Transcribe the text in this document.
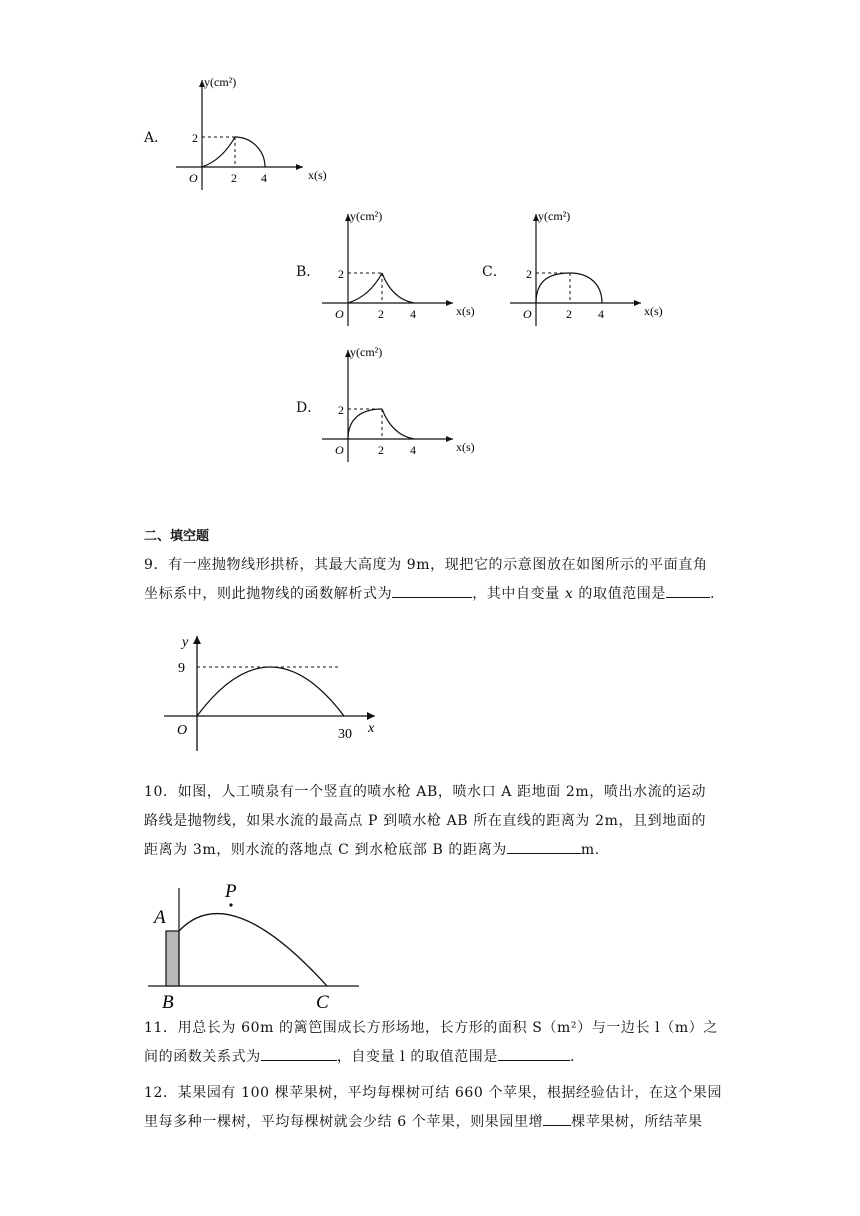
A．
y(cm²)
x(s)
O
2
2 4
B．
y(cm²)
x(s)
O
2
2 4
C．
y(cm²)
x(s)
O
2
2 4
D．
y(cm²)
x(s)
O
2
2 4
二、填空题
9．有一座抛物线形拱桥，其最大高度为 9m，现把它的示意图放在如图所示的平面直角
坐标系中，则此抛物线的函数解析式为	，其中自变量 x 的取值范围是	.
y
x
O
9
30
10．如图，人工喷泉有一个竖直的喷水枪 AB，喷水口 A 距地面 2m，喷出水流的运动
路线是抛物线，如果水流的最高点 P 到喷水枪 AB 所在直线的距离为 2m，且到地面的
距离为 3m，则水流的落地点 C 到水枪底部 B 的距离为	m.
A
B	C
P
11．用总长为 60m 的篱笆围成长方形场地，长方形的面积 S（m²）与一边长 l（m）之
间的函数关系式为	，自变量 l 的取值范围是	.
12．某果园有 100 棵苹果树，平均每棵树可结 660 个苹果，根据经验估计，在这个果园
里每多种一棵树，平均每棵树就会少结 6 个苹果，则果园里增 棵苹果树，所结苹果
